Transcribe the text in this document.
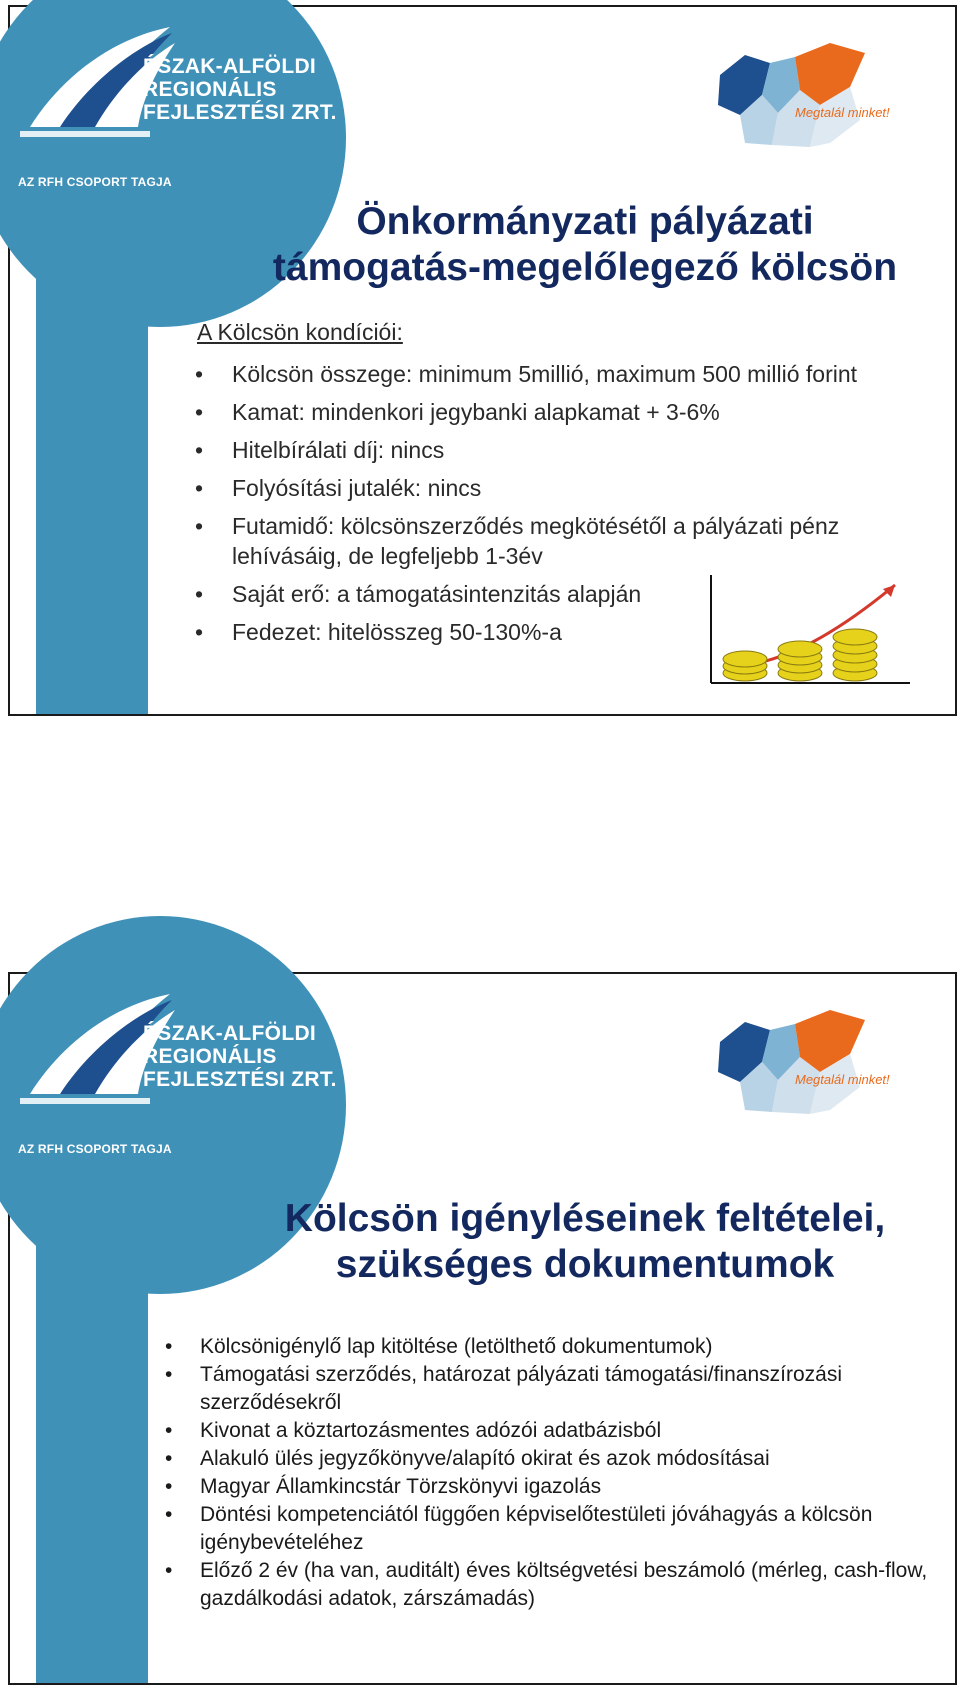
ÉSZAK-ALFÖLDI
REGIONÁLIS
FEJLESZTÉSI ZRT.
AZ RFH CSOPORT TAGJA
Megtalál minket!
Önkormányzati pályázati
támogatás-megelőlegező kölcsön
A Kölcsön kondíciói:
• Kölcsön összege: minimum 5millió, maximum 500 millió forint
• Kamat: mindenkori jegybanki alapkamat + 3-6%
• Hitelbírálati díj: nincs
• Folyósítási jutalék: nincs
• Futamidő: kölcsönszerződés megkötésétől a pályázati pénz lehívásáig, de legfeljebb 1-3év
• Saját erő: a támogatásintenzitás alapján
• Fedezet: hitelösszeg 50-130%-a
ÉSZAK-ALFÖLDI
REGIONÁLIS
FEJLESZTÉSI ZRT.
AZ RFH CSOPORT TAGJA
Megtalál minket!
Kölcsön igényléseinek feltételei,
szükséges dokumentumok
• Kölcsönigénylő lap kitöltése (letölthető dokumentumok)
• Támogatási szerződés, határozat pályázati támogatási/finanszírozási szerződésekről
• Kivonat a köztartozásmentes adózói adatbázisból
• Alakuló ülés jegyzőkönyve/alapító okirat és azok módosításai
• Magyar Államkincstár Törzskönyvi igazolás
• Döntési kompetenciától függően képviselőtestületi jóváhagyás a kölcsön igénybevételéhez
• Előző 2 év (ha van, auditált) éves költségvetési beszámoló (mérleg, cash-flow, gazdálkodási adatok, zárszámadás)
